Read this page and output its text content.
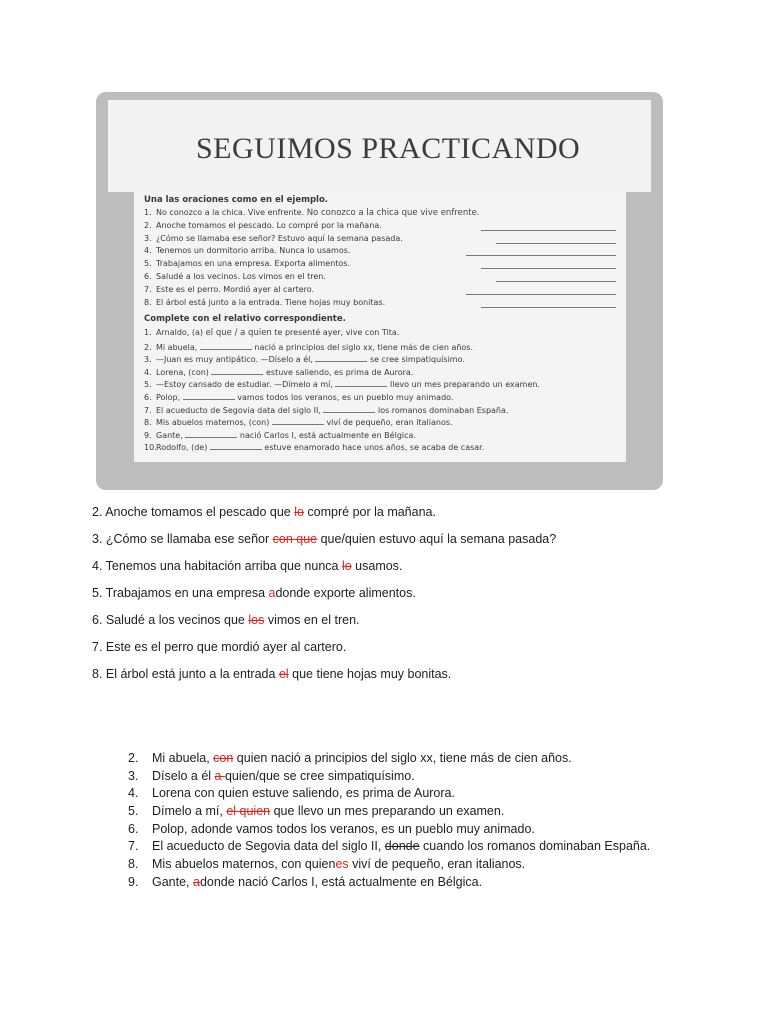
SEGUIMOS PRACTICANDO
Una las oraciones como en el ejemplo.
1. No conozco a la chica. Vive enfrente. No conozco a la chica que vive enfrente.
2. Anoche tomamos el pescado. Lo compré por la mañana.
3. ¿Cómo se llamaba ese señor? Estuvo aquí la semana pasada.
4. Tenemos un dormitorio arriba. Nunca lo usamos.
5. Trabajamos en una empresa. Exporta alimentos.
6. Saludé a los vecinos. Los vimos en el tren.
7. Este es el perro. Mordió ayer al cartero.
8. El árbol está junto a la entrada. Tiene hojas muy bonitas.
Complete con el relativo correspondiente.
1. Arnaldo, (a) el que / a quien te presenté ayer, vive con Tita.
2. Mi abuela,	nació a principios del siglo xx, tiene más de cien años.
3. —Juan es muy antipático. —Díselo a él,	se cree simpatiquísimo.
4. Lorena, (con)	estuve saliendo, es prima de Aurora.
5. —Estoy cansado de estudiar. —Dímelo a mí,	llevo un mes preparando un examen.
6. Polop,	vamos todos los veranos, es un pueblo muy animado.
7. El acueducto de Segovia data del siglo II,	los romanos dominaban España.
8. Mis abuelos maternos, (con)	viví de pequeño, eran italianos.
9. Gante,	nació Carlos I, está actualmente en Bélgica.
10.Rodolfo, (de)	estuve enamorado hace unos años, se acaba de casar.

2. Anoche tomamos el pescado que lo compré por la mañana.

3. ¿Cómo se llamaba ese señor con que que/quien estuvo aquí la semana pasada?

4. Tenemos una habitación arriba que nunca lo usamos.

5. Trabajamos en una empresa adonde exporte alimentos.

6. Saludé a los vecinos que los vimos en el tren.

7. Este es el perro que mordió ayer al cartero.

8. El árbol está junto a la entrada el que tiene hojas muy bonitas.

2. Mi abuela, con quien nació a principios del siglo xx, tiene más de cien años.
3. Díselo a él a quien/que se cree simpatiquísimo.
4. Lorena con quien estuve saliendo, es prima de Aurora.
5. Dímelo a mí, el quien que llevo un mes preparando un examen.
6. Polop, adonde vamos todos los veranos, es un pueblo muy animado.
7. El acueducto de Segovia data del siglo II, donde cuando los romanos dominaban España.
8. Mis abuelos maternos, con quienes viví de pequeño, eran italianos.
9. Gante, adonde nació Carlos I, está actualmente en Bélgica.
